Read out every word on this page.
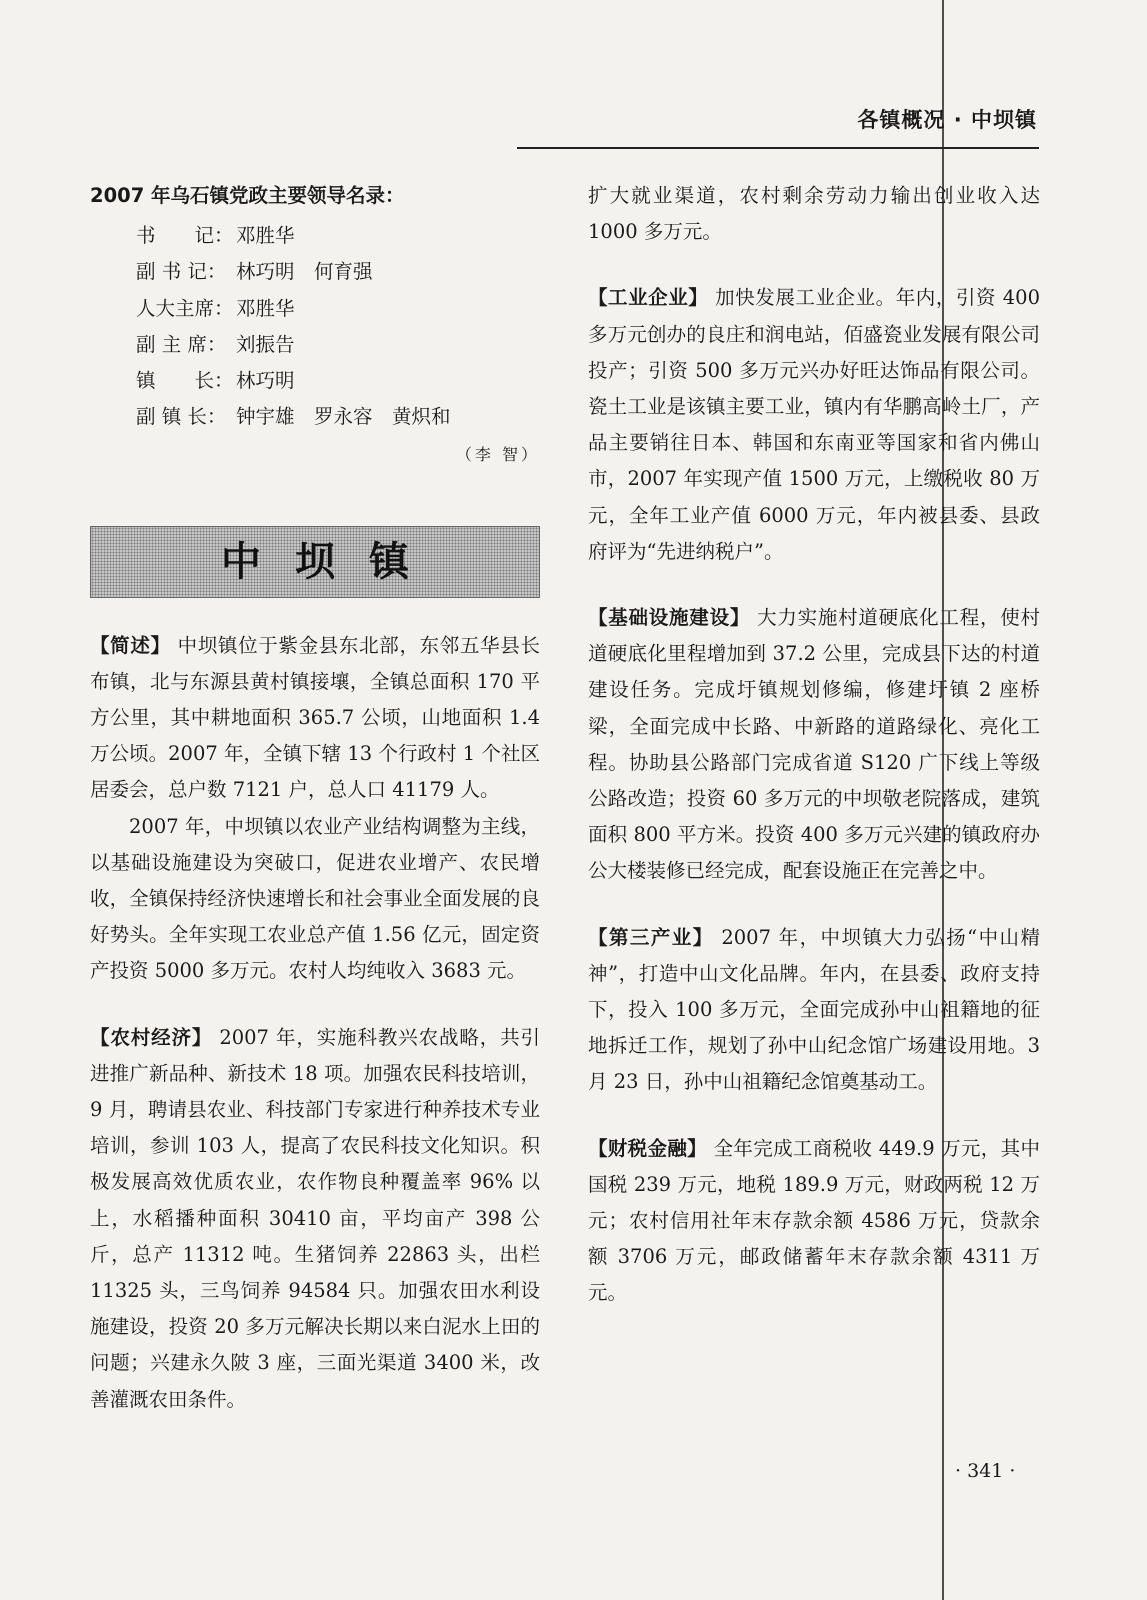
各镇概况 · 中坝镇

2007 年乌石镇党政主要领导名录：

书　　记： 邓胜华
副 书 记： 林巧明　何育强
人大主席： 邓胜华
副 主 席： 刘振告
镇　　长： 林巧明
副 镇 长： 钟宇雄　罗永容　黄炽和
（李 智）
中坝镇

【简述】 中坝镇位于紫金县东北部，东邻五华县长布镇，北与东源县黄村镇接壤，全镇总面积 170 平方公里，其中耕地面积 365.7 公顷，山地面积 1.4 万公顷。2007 年，全镇下辖 13 个行政村 1 个社区居委会，总户数 7121 户，总人口 41179 人。

2007 年，中坝镇以农业产业结构调整为主线，以基础设施建设为突破口，促进农业增产、农民增收，全镇保持经济快速增长和社会事业全面发展的良好势头。全年实现工农业总产值 1.56 亿元，固定资产投资 5000 多万元。农村人均纯收入 3683 元。

【农村经济】 2007 年，实施科教兴农战略，共引进推广新品种、新技术 18 项。加强农民科技培训，9 月，聘请县农业、科技部门专家进行种养技术专业培训，参训 103 人，提高了农民科技文化知识。积极发展高效优质农业，农作物良种覆盖率 96% 以上，水稻播种面积 30410 亩，平均亩产 398 公斤，总产 11312 吨。生猪饲养 22863 头，出栏 11325 头，三鸟饲养 94584 只。加强农田水利设施建设，投资 20 多万元解决长期以来白泥水上田的问题；兴建永久陂 3 座，三面光渠道 3400 米，改善灌溉农田条件。

扩大就业渠道，农村剩余劳动力输出创业收入达 1000 多万元。

【工业企业】 加快发展工业企业。年内，引资 400 多万元创办的良庄和润电站，佰盛瓷业发展有限公司投产；引资 500 多万元兴办好旺达饰品有限公司。瓷土工业是该镇主要工业，镇内有华鹏高岭土厂，产品主要销往日本、韩国和东南亚等国家和省内佛山市，2007 年实现产值 1500 万元，上缴税收 80 万元，全年工业产值 6000 万元，年内被县委、县政府评为“先进纳税户”。

【基础设施建设】 大力实施村道硬底化工程，使村道硬底化里程增加到 37.2 公里，完成县下达的村道建设任务。完成圩镇规划修编，修建圩镇 2 座桥梁，全面完成中长路、中新路的道路绿化、亮化工程。协助县公路部门完成省道 S120 广下线上等级公路改造；投资 60 多万元的中坝敬老院落成，建筑面积 800 平方米。投资 400 多万元兴建的镇政府办公大楼装修已经完成，配套设施正在完善之中。

【第三产业】 2007 年，中坝镇大力弘扬“中山精神”，打造中山文化品牌。年内，在县委、政府支持下，投入 100 多万元，全面完成孙中山祖籍地的征地拆迁工作，规划了孙中山纪念馆广场建设用地。3 月 23 日，孙中山祖籍纪念馆奠基动工。

【财税金融】 全年完成工商税收 449.9 万元，其中国税 239 万元，地税 189.9 万元，财政两税 12 万元；农村信用社年末存款余额 4586 万元，贷款余额 3706 万元，邮政储蓄年末存款余额 4311 万元。

· 341 ·
